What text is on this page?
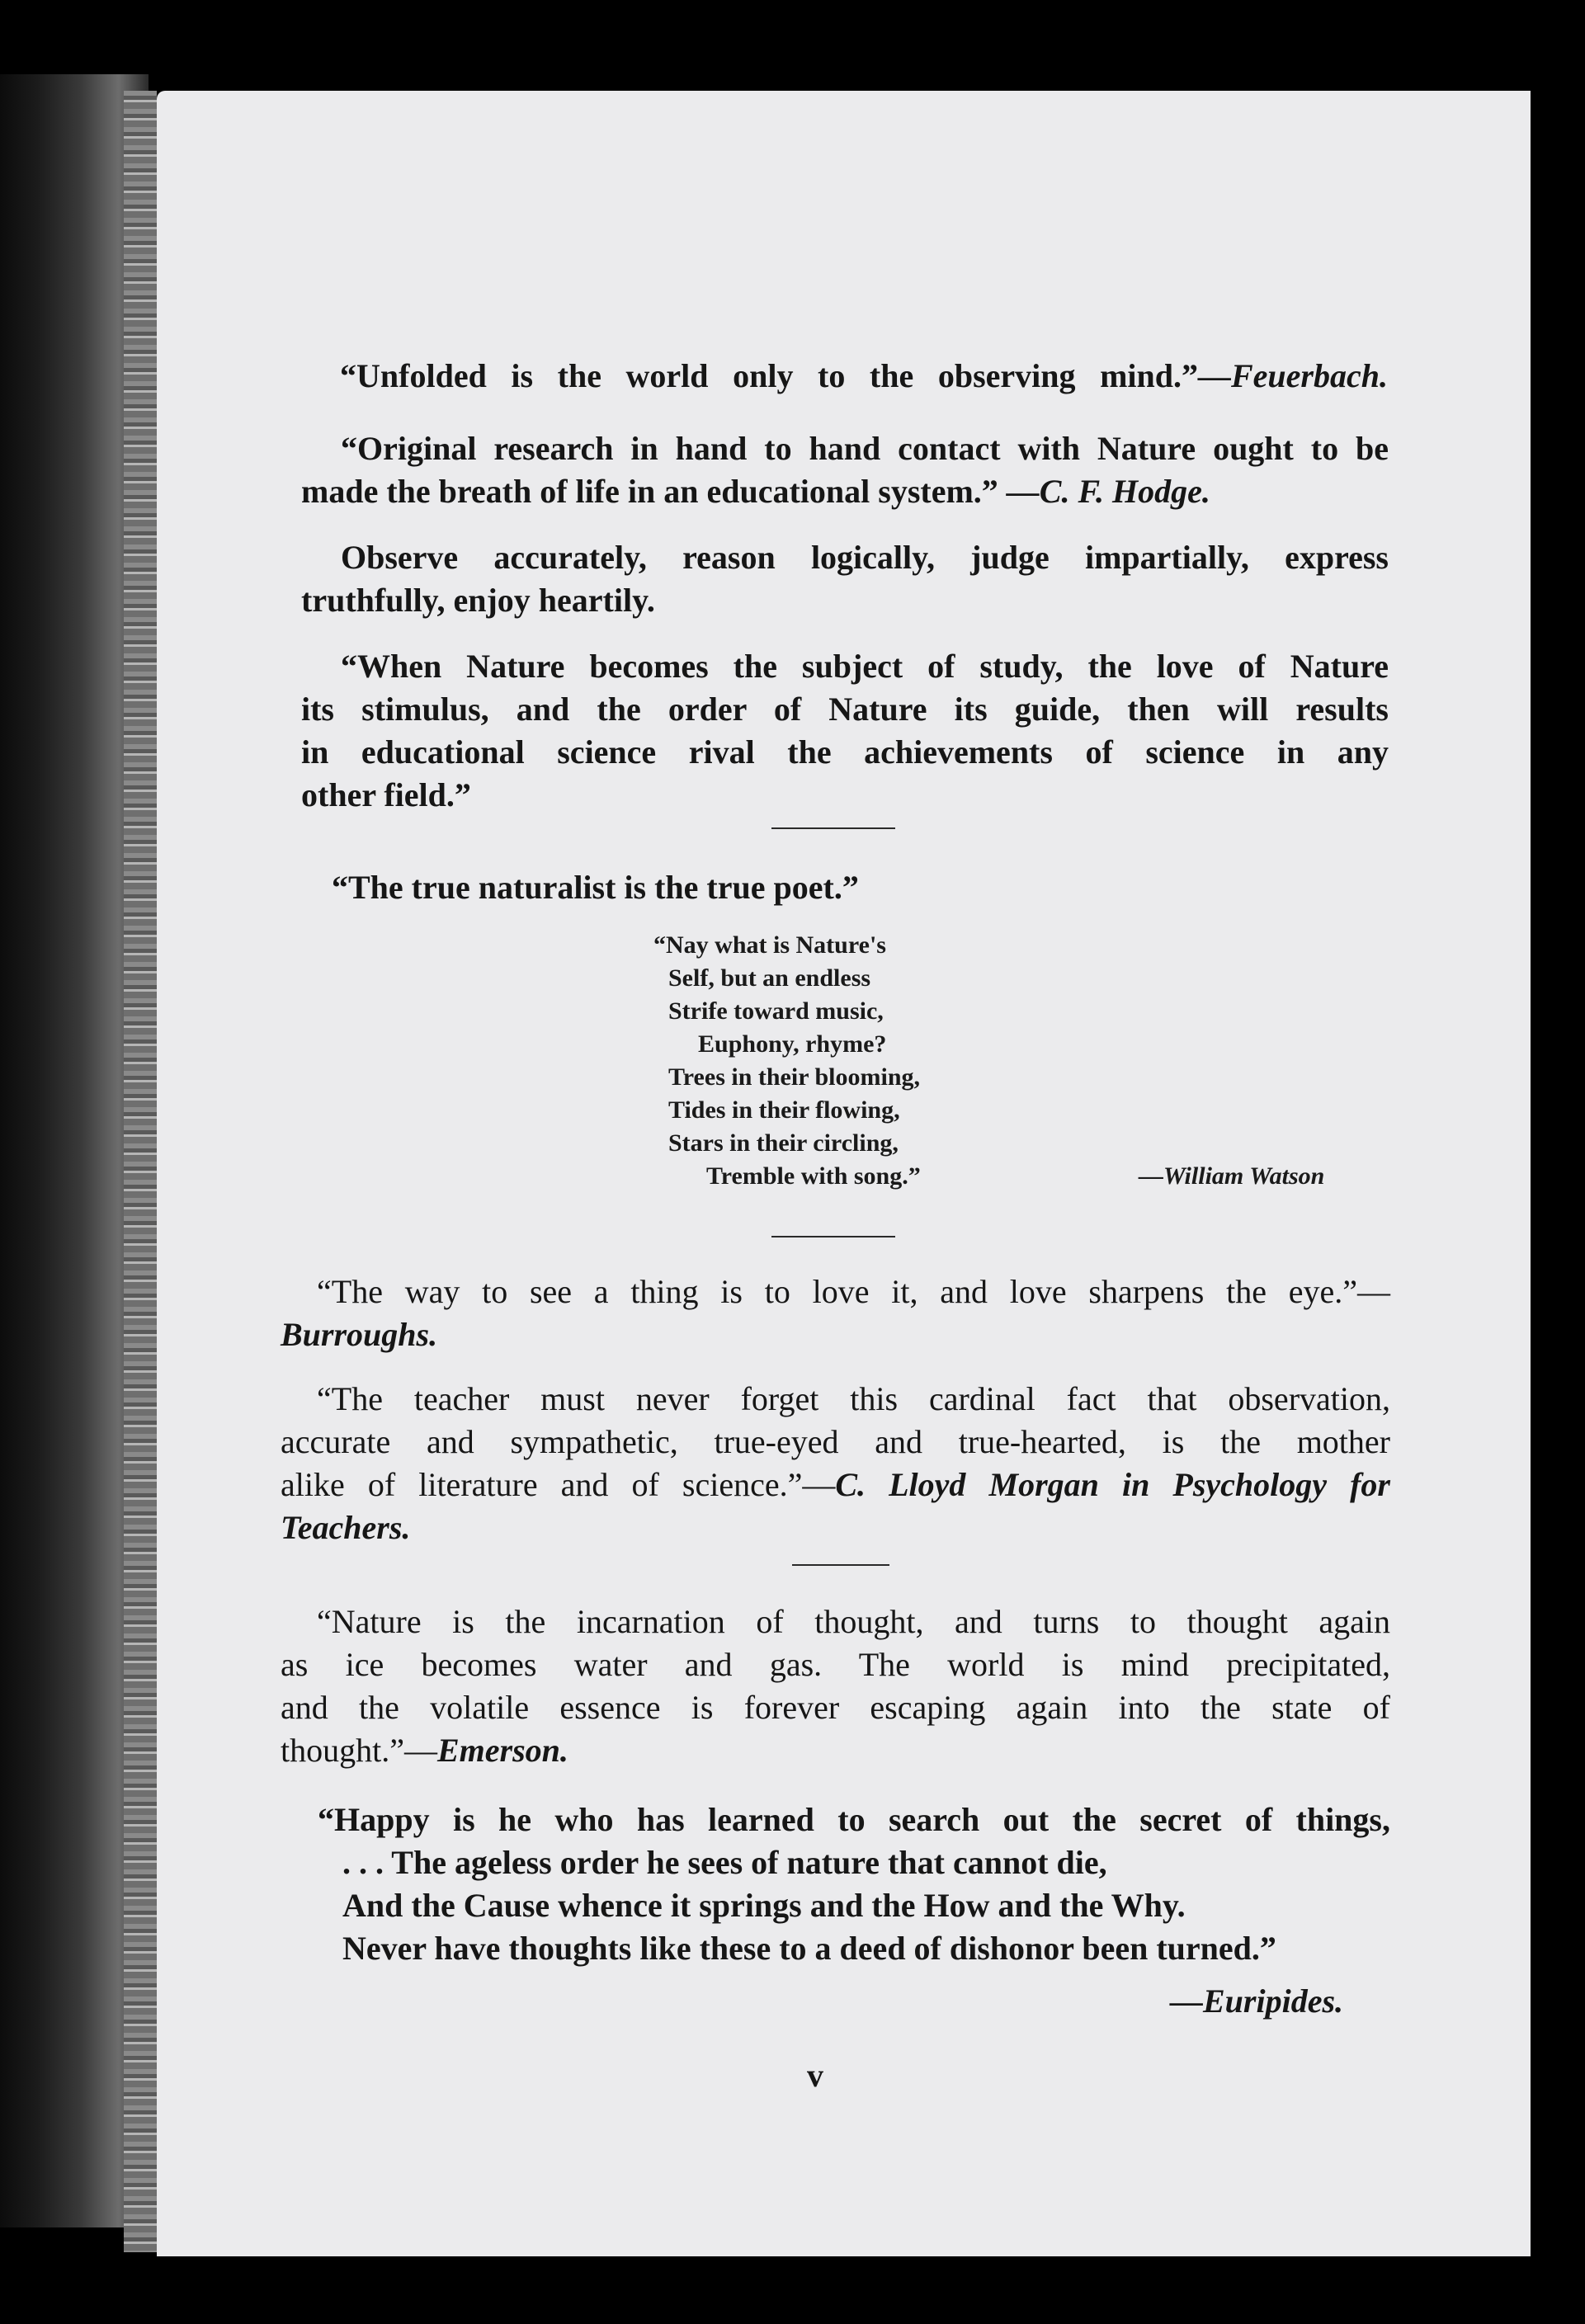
“Unfolded is the world only to the observing mind.”—Feuerbach.
“Original research in hand to hand contact with Nature ought to be
made the breath of life in an educational system.” —C. F. Hodge.
Observe accurately, reason logically, judge impartially, express
truthfully, enjoy heartily.
“When Nature becomes the subject of study, the love of Nature
its stimulus, and the order of Nature its guide, then will results
in educational science rival the achievements of science in any
other field.”
“The true naturalist is the true poet.”
“Nay what is Nature's
Self, but an endless
Strife toward music,
Euphony, rhyme?
Trees in their blooming,
Tides in their flowing,
Stars in their circling,
Tremble with song.”	—William Watson
“The way to see a thing is to love it, and love sharpens the eye.”—
Burroughs.
“The teacher must never forget this cardinal fact that observation,
accurate and sympathetic, true-eyed and true-hearted, is the mother
alike of literature and of science.”—C. Lloyd Morgan in Psychology for
Teachers.
“Nature is the incarnation of thought, and turns to thought again
as ice becomes water and gas. The world is mind precipitated,
and the volatile essence is forever escaping again into the state of
thought.”—Emerson.
“Happy is he who has learned to search out the secret of things,
. . . The ageless order he sees of nature that cannot die,
And the Cause whence it springs and the How and the Why.
Never have thoughts like these to a deed of dishonor been turned.”
—Euripides.
v
